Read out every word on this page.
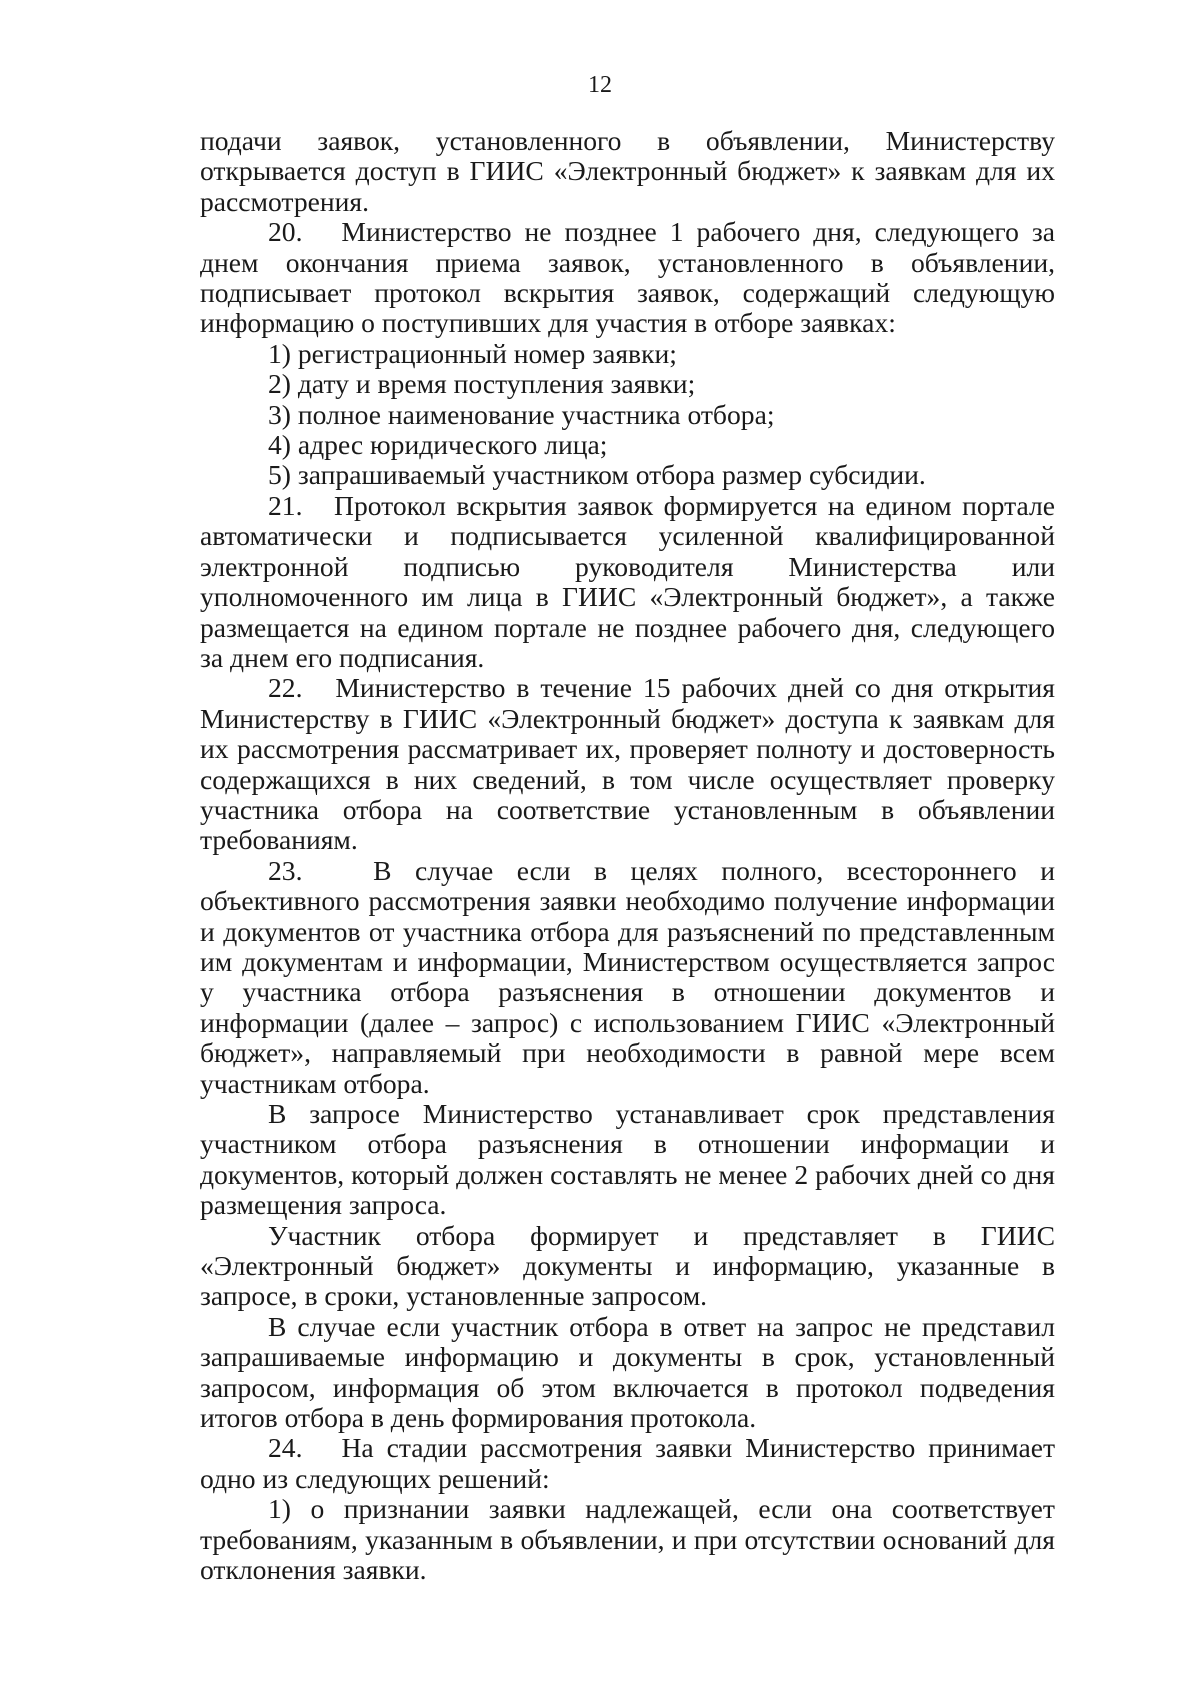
12

подачи заявок, установленного в объявлении, Министерству открывается доступ в ГИИС «Электронный бюджет» к заявкам для их рассмотрения.

20.   Министерство не позднее 1 рабочего дня, следующего за днем окончания приема заявок, установленного в объявлении, подписывает протокол вскрытия заявок, содержащий следующую информацию о поступивших для участия в отборе заявках:

1) регистрационный номер заявки;

2) дату и время поступления заявки;

3) полное наименование участника отбора;

4) адрес юридического лица;

5) запрашиваемый участником отбора размер субсидии.

21.   Протокол вскрытия заявок формируется на едином портале автоматически и подписывается усиленной квалифицированной электронной подписью руководителя Министерства или уполномоченного им лица в ГИИС «Электронный бюджет», а также размещается на едином портале не позднее рабочего дня, следующего за днем его подписания.

22.   Министерство в течение 15 рабочих дней со дня открытия Министерству в ГИИС «Электронный бюджет» доступа к заявкам для их рассмотрения рассматривает их, проверяет полноту и достоверность содержащихся в них сведений, в том числе осуществляет проверку участника отбора на соответствие установленным в объявлении требованиям.

23.   В случае если в целях полного, всестороннего и объективного рассмотрения заявки необходимо получение информации и документов от участника отбора для разъяснений по представленным им документам и информации, Министерством осуществляется запрос у участника отбора разъяснения в отношении документов и информации (далее – запрос) с использованием ГИИС «Электронный бюджет», направляемый при необходимости в равной мере всем участникам отбора.

В запросе Министерство устанавливает срок представления участником отбора разъяснения в отношении информации и документов, который должен составлять не менее 2 рабочих дней со дня размещения запроса.

Участник отбора формирует и представляет в ГИИС «Электронный бюджет» документы и информацию, указанные в запросе, в сроки, установленные запросом.

В случае если участник отбора в ответ на запрос не представил запрашиваемые информацию и документы в срок, установленный запросом, информация об этом включается в протокол подведения итогов отбора в день формирования протокола.

24.   На стадии рассмотрения заявки Министерство принимает одно из следующих решений:

1) о признании заявки надлежащей, если она соответствует требованиям, указанным в объявлении, и при отсутствии оснований для отклонения заявки.
